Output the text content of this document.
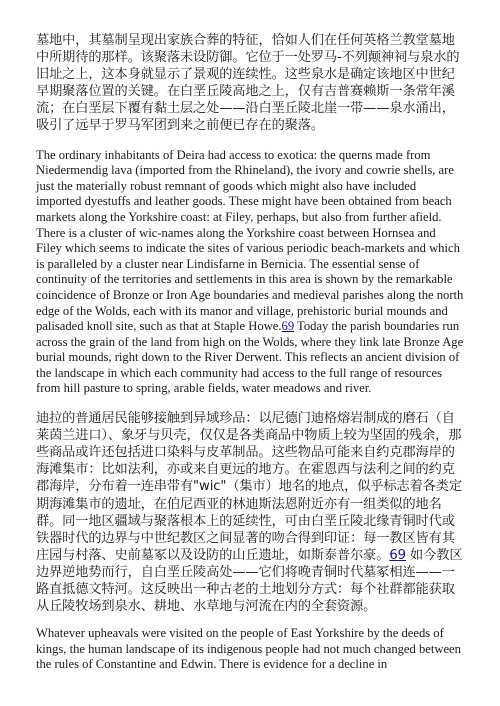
墓地中，其墓制呈现出家族合葬的特征，恰如人们在任何英格兰教堂墓地中所期待的那样。该聚落未设防御。它位于一处罗马-不列颠神祠与泉水的旧址之上，这本身就显示了景观的连续性。这些泉水是确定该地区中世纪早期聚落位置的关键。在白垩丘陵高地之上，仅有吉普赛赖斯一条常年溪流；在白垩层下覆有黏土层之处——沿白垩丘陵北崖一带——泉水涌出，吸引了远早于罗马军团到来之前便已存在的聚落。

The ordinary inhabitants of Deira had access to exotica: the querns made from Niedermendig lava (imported from the Rhineland), the ivory and cowrie shells, are just the materially robust remnant of goods which might also have included imported dyestuffs and leather goods. These might have been obtained from beach markets along the Yorkshire coast: at Filey, perhaps, but also from further afield. There is a cluster of wic-names along the Yorkshire coast between Hornsea and Filey which seems to indicate the sites of various periodic beach-markets and which is paralleled by a cluster near Lindisfarne in Bernicia. The essential sense of continuity of the territories and settlements in this area is shown by the remarkable coincidence of Bronze or Iron Age boundaries and medieval parishes along the north edge of the Wolds, each with its manor and village, prehistoric burial mounds and palisaded knoll site, such as that at Staple Howe.69 Today the parish boundaries run across the grain of the land from high on the Wolds, where they link late Bronze Age burial mounds, right down to the River Derwent. This reflects an ancient division of the landscape in which each community had access to the full range of resources from hill pasture to spring, arable fields, water meadows and river.

迪拉的普通居民能够接触到异域珍品：以尼德门迪格熔岩制成的磨石（自莱茵兰进口）、象牙与贝壳，仅仅是各类商品中物质上较为坚固的残余，那些商品或许还包括进口染料与皮革制品。这些物品可能来自约克郡海岸的海滩集市：比如法利，亦或来自更远的地方。在霍恩西与法利之间的约克郡海岸，分布着一连串带有"wic"（集市）地名的地点，似乎标志着各类定期海滩集市的遗址，在伯尼西亚的林迪斯法恩附近亦有一组类似的地名群。同一地区疆域与聚落根本上的延续性，可由白垩丘陵北缘青铜时代或铁器时代的边界与中世纪教区之间显著的吻合得到印证：每一教区皆有其庄园与村落、史前墓冢以及设防的山丘遗址，如斯泰普尔豪。69 如今教区边界逆地势而行，自白垩丘陵高处——它们将晚青铜时代墓冢相连——一路直抵德文特河。这反映出一种古老的土地划分方式：每个社群都能获取从丘陵牧场到泉水、耕地、水草地与河流在内的全套资源。

Whatever upheavals were visited on the people of East Yorkshire by the deeds of kings, the human landscape of its indigenous people had not much changed between the rules of Constantine and Edwin. There is evidence for a decline in
